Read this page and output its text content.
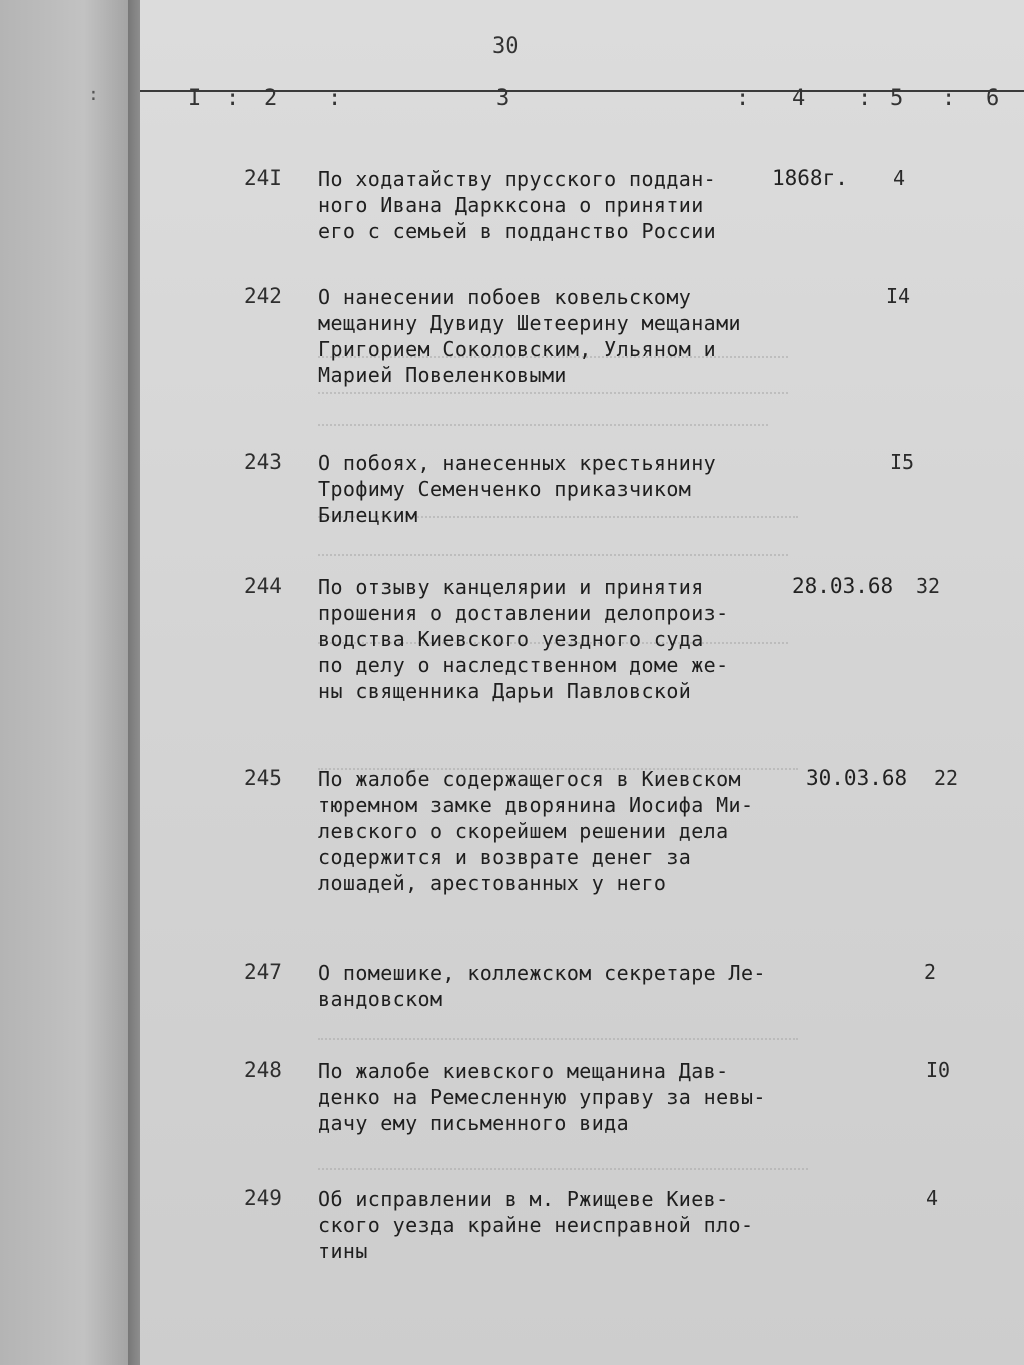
:
30
I : 2 :	3	: 4 : 5 : 6
24I По ходатайству прусского поддан-
ного Ивана Дарккcона о принятии
его с семьей в подданство России
1868г. 4
242 О нанесении побоев ковельскому
мещанину Дувиду Шетеерину мещанами
Григорием Соколовским, Ульяном и
Марией Повеленковыми
I4
243 О побоях, нанесенных крестьянину
Трофиму Семенченко приказчиком
Билецким
I5
244 По отзыву канцелярии и принятия
прошения о доставлении делопроиз-
водства Киевского уездного суда
по делу о наследственном доме же-
ны священника Дарьи Павловской
28.03.68 32
245 По жалобе содержащегося в Киевском
тюремном замке дворянина Иосифа Ми-
левского о скорейшем решении дела
содержится и возврате денег за
лошадей, арестованных у него
30.03.68 22
247 О помешике, коллежском секретаре Ле-
вандовском
2
248 По жалобе киевского мещанина Дав-
денко на Ремесленную управу за невы-
дачу ему письменного вида
I0
249 Об исправлении в м. Ржищеве Киев-
ского уезда крайне неисправной пло-
тины
4
